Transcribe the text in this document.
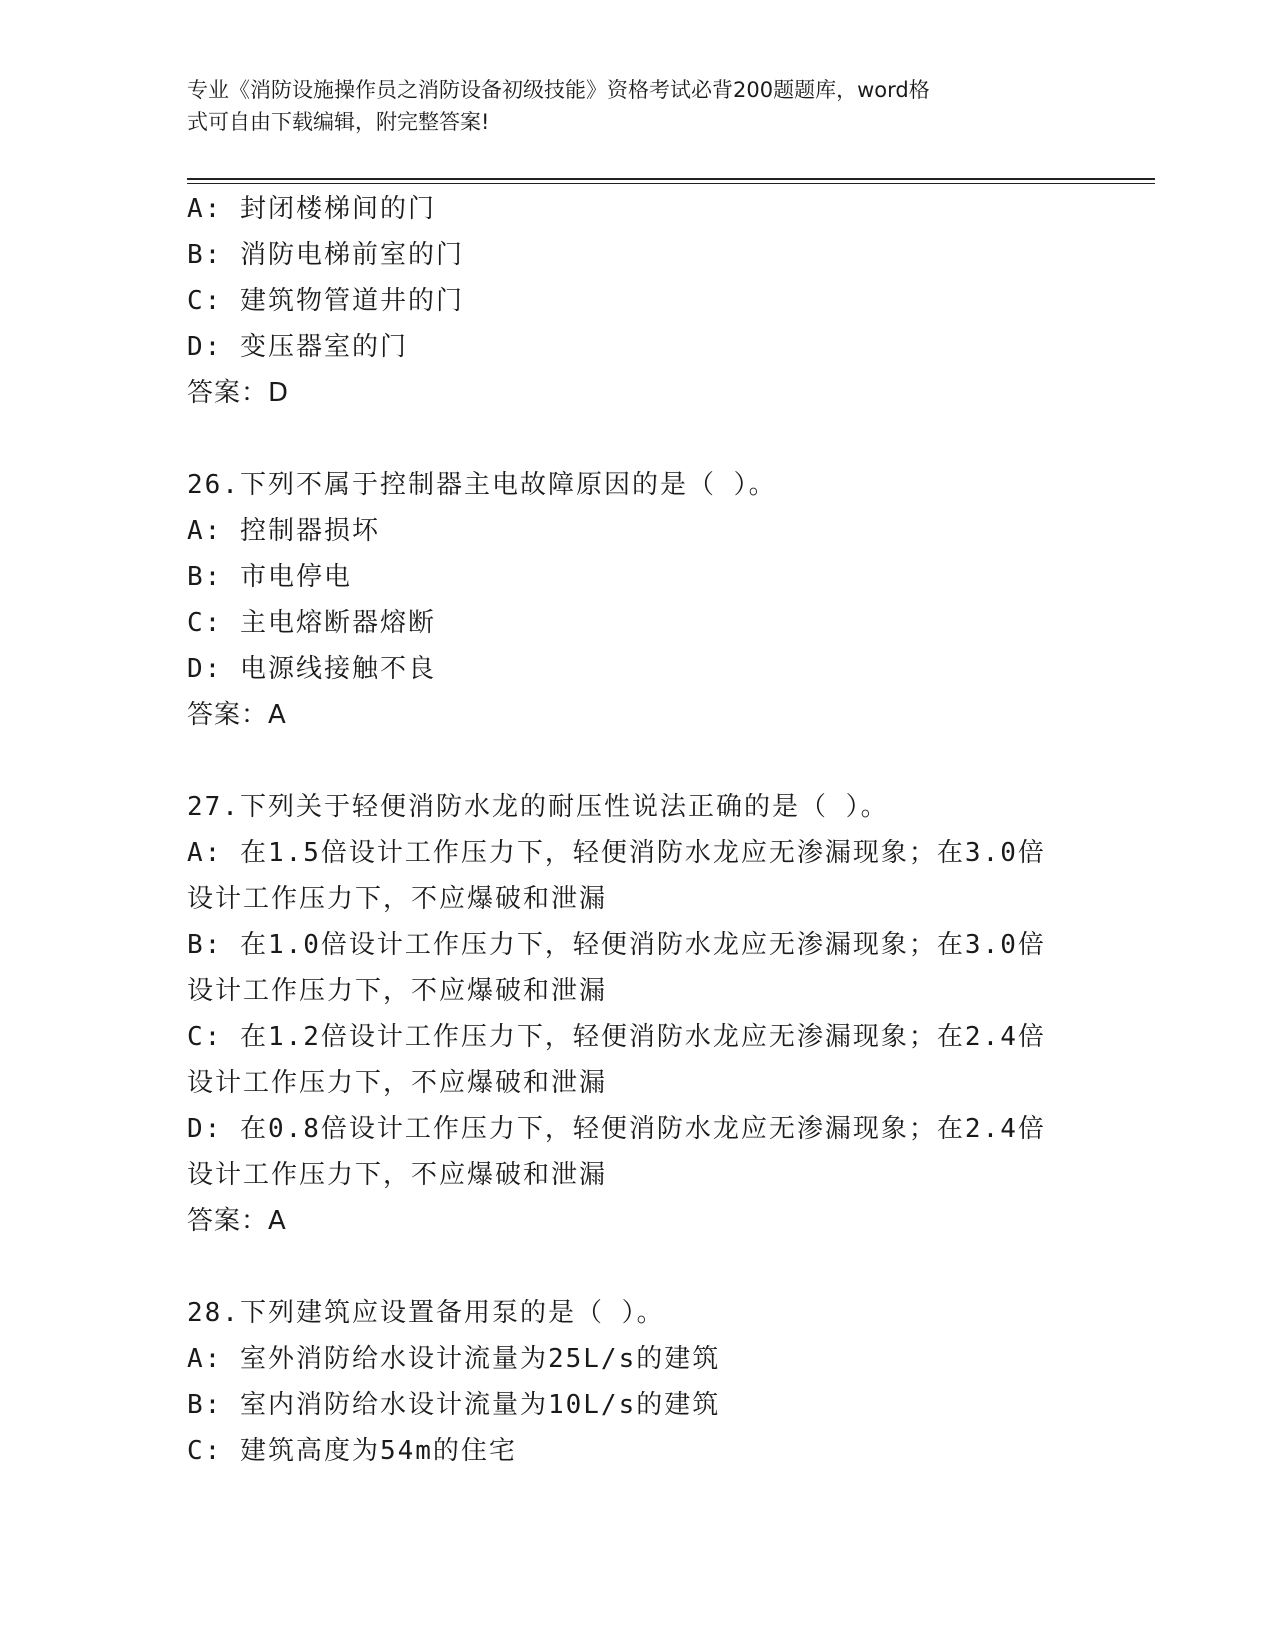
专业《消防设施操作员之消防设备初级技能》资格考试必背200题题库，word格
式可自由下载编辑，附完整答案!
A: 封闭楼梯间的门
B: 消防电梯前室的门
C: 建筑物管道井的门
D: 变压器室的门
答案：D
26.下列不属于控制器主电故障原因的是（ ）。
A: 控制器损坏
B: 市电停电
C: 主电熔断器熔断
D: 电源线接触不良
答案：A
27.下列关于轻便消防水龙的耐压性说法正确的是（ ）。
A: 在1.5倍设计工作压力下，轻便消防水龙应无渗漏现象；在3.0倍
设计工作压力下，不应爆破和泄漏
B: 在1.0倍设计工作压力下，轻便消防水龙应无渗漏现象；在3.0倍
设计工作压力下，不应爆破和泄漏
C: 在1.2倍设计工作压力下，轻便消防水龙应无渗漏现象；在2.4倍
设计工作压力下，不应爆破和泄漏
D: 在0.8倍设计工作压力下，轻便消防水龙应无渗漏现象；在2.4倍
设计工作压力下，不应爆破和泄漏
答案：A
28.下列建筑应设置备用泵的是（ ）。
A: 室外消防给水设计流量为25L/s的建筑
B: 室内消防给水设计流量为10L/s的建筑
C: 建筑高度为54m的住宅
